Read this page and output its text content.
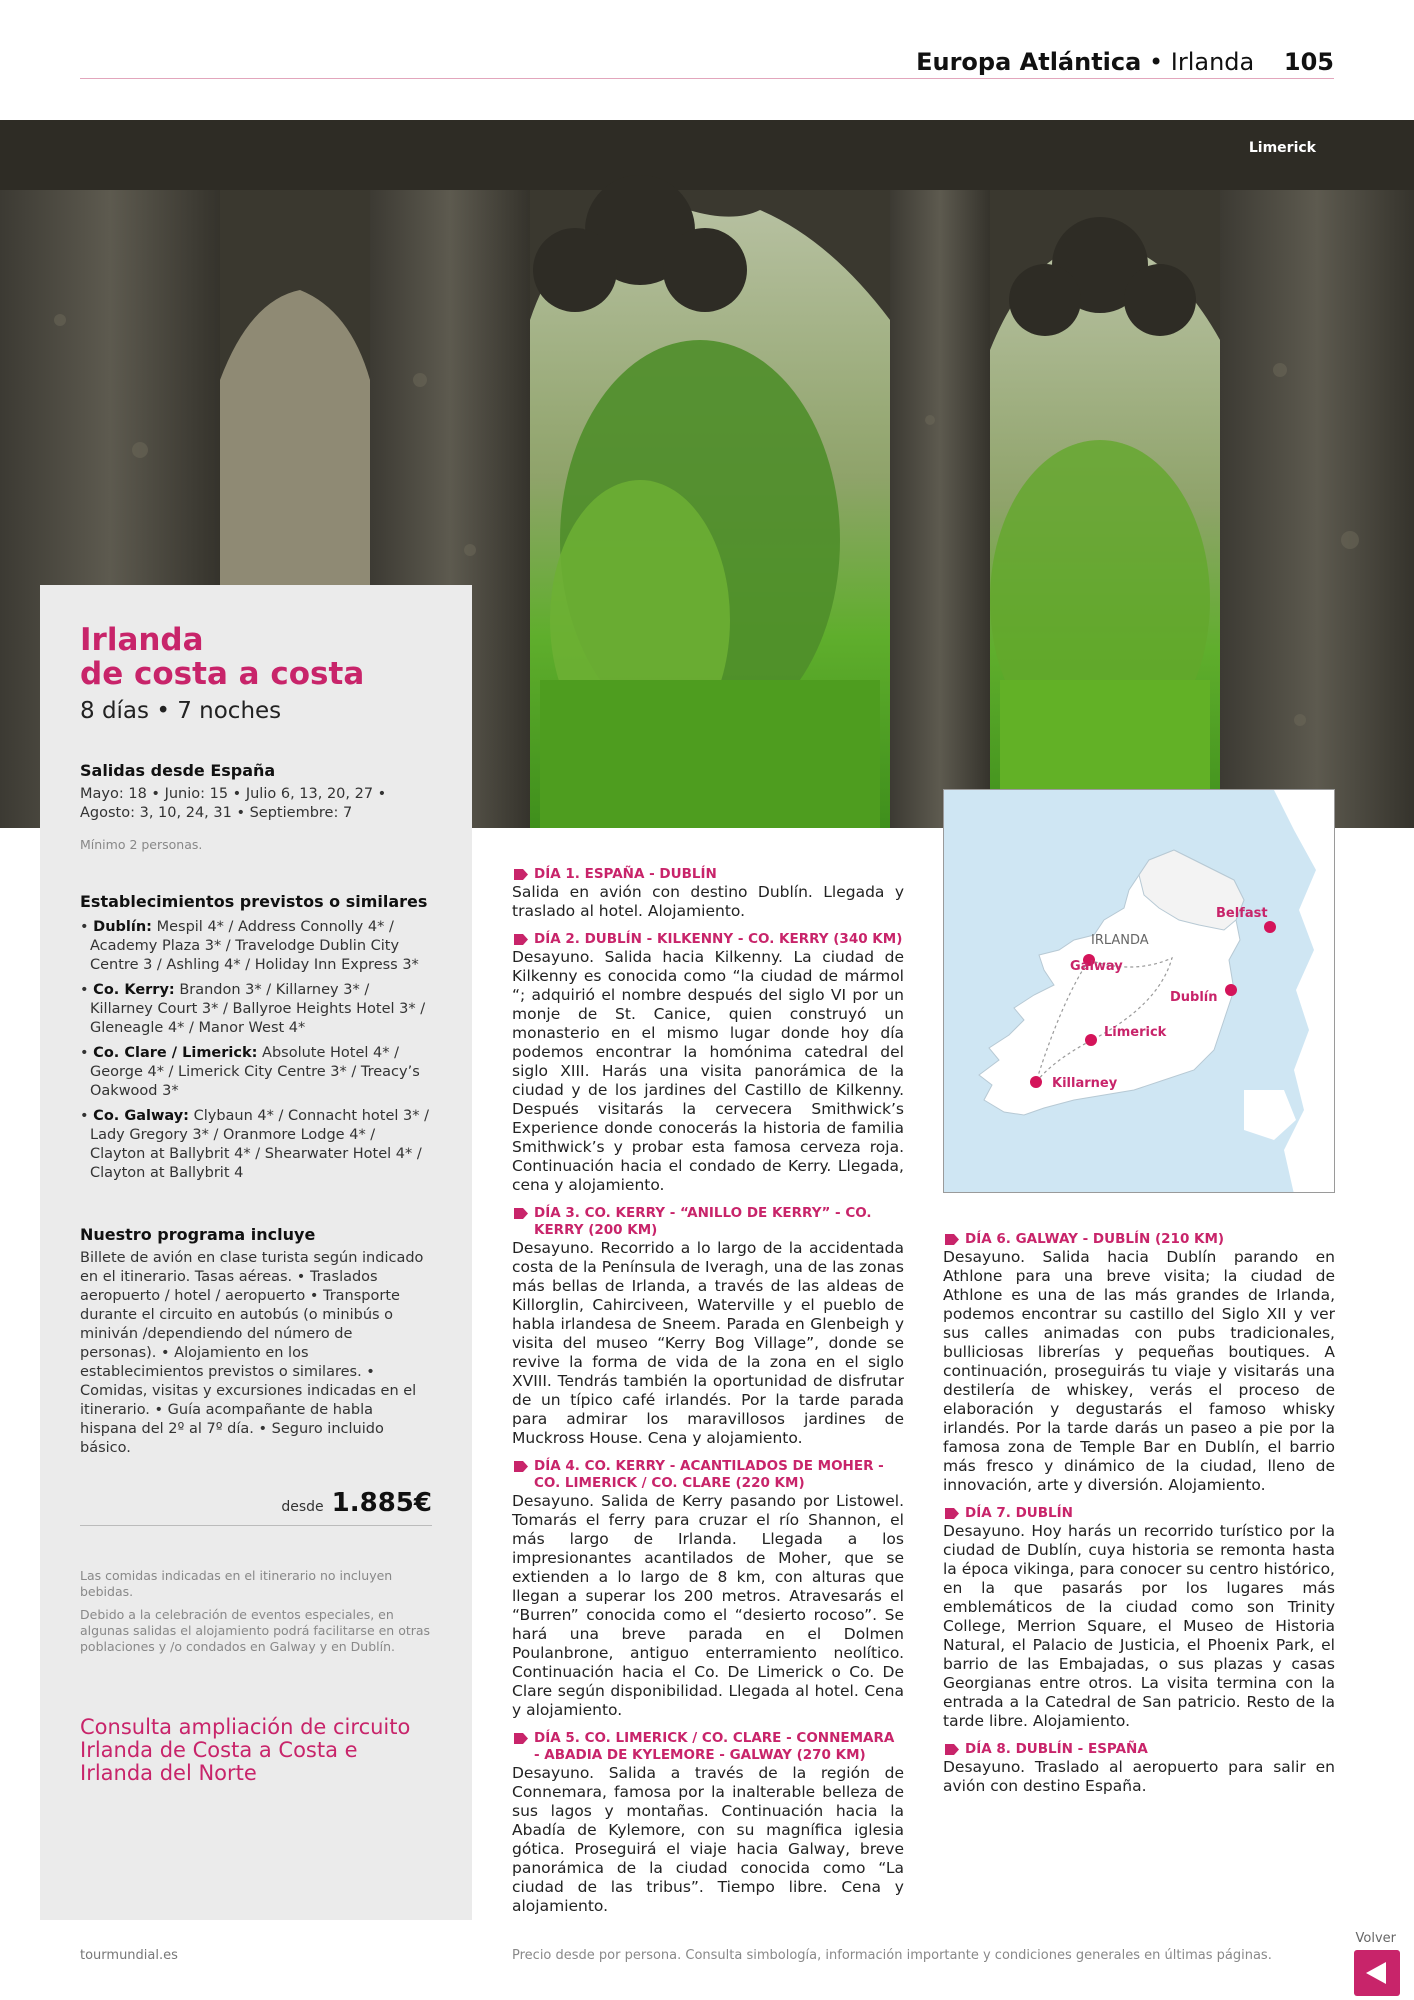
Europa Atlántica • Irlanda 105
Limerick
Irlanda
de costa a costa
8 días • 7 noches
Salidas desde España
Mayo: 18 • Junio: 15 • Julio 6, 13, 20, 27 • Agosto: 3, 10, 24, 31 • Septiembre: 7
Mínimo 2 personas.
Establecimientos previstos o similares
• Dublín: Mespil 4* / Address Connolly 4* / Academy Plaza 3* / Travelodge Dublin City Centre 3 / Ashling 4* / Holiday Inn Express 3*
• Co. Kerry: Brandon 3* / Killarney 3* / Killarney Court 3* / Ballyroe Heights Hotel 3* / Gleneagle 4* / Manor West 4*
• Co. Clare / Limerick: Absolute Hotel 4* / George 4* / Limerick City Centre 3* / Treacy’s Oakwood 3*
• Co. Galway: Clybaun 4* / Connacht hotel 3* / Lady Gregory 3* / Oranmore Lodge 4* / Clayton at Ballybrit 4* / Shearwater Hotel 4* / Clayton at Ballybrit 4
Nuestro programa incluye
Billete de avión en clase turista según indicado en el itinerario. Tasas aéreas. • Traslados aeropuerto / hotel / aeropuerto • Transporte durante el circuito en autobús (o minibús o miniván /dependiendo del número de personas). • Alojamiento en los establecimientos previstos o similares. • Comidas, visitas y excursiones indicadas en el itinerario. • Guía acompañante de habla hispana del 2º al 7º día. • Seguro incluido básico.
desde 1.885€
Las comidas indicadas en el itinerario no incluyen bebidas.
Debido a la celebración de eventos especiales, en algunas salidas el alojamiento podrá facilitarse en otras poblaciones y /o condados en Galway y en Dublín.
Consulta ampliación de circuito Irlanda de Costa a Costa e Irlanda del Norte
DÍA 1. ESPAÑA - DUBLÍN
Salida en avión con destino Dublín. Llegada y traslado al hotel. Alojamiento.
DÍA 2. DUBLÍN - KILKENNY - CO. KERRY (340 KM)
Desayuno. Salida hacia Kilkenny. La ciudad de Kilkenny es conocida como “la ciudad de mármol “; adquirió el nombre después del siglo VI por un monje de St. Canice, quien construyó un monasterio en el mismo lugar donde hoy día podemos encontrar la homónima catedral del siglo XIII. Harás una visita panorámica de la ciudad y de los jardines del Castillo de Kilkenny. Después visitarás la cervecera Smithwick’s Experience donde conocerás la historia de familia Smithwick’s y probar esta famosa cerveza roja. Continuación hacia el condado de Kerry. Llegada, cena y alojamiento.
DÍA 3. CO. KERRY - “ANILLO DE KERRY” - CO. KERRY (200 KM)
Desayuno. Recorrido a lo largo de la accidentada costa de la Península de Iveragh, una de las zonas más bellas de Irlanda, a través de las aldeas de Killorglin, Cahirciveen, Waterville y el pueblo de habla irlandesa de Sneem. Parada en Glenbeigh y visita del museo “Kerry Bog Village”, donde se revive la forma de vida de la zona en el siglo XVIII. Tendrás también la oportunidad de disfrutar de un típico café irlandés. Por la tarde parada para admirar los maravillosos jardines de Muckross House. Cena y alojamiento.
DÍA 4. CO. KERRY - ACANTILADOS DE MOHER - CO. LIMERICK / CO. CLARE (220 KM)
Desayuno. Salida de Kerry pasando por Listowel. Tomarás el ferry para cruzar el río Shannon, el más largo de Irlanda. Llegada a los impresionantes acantilados de Moher, que se extienden a lo largo de 8 km, con alturas que llegan a superar los 200 metros. Atravesarás el “Burren” conocida como el “desierto rocoso”. Se hará una breve parada en el Dolmen Poulanbrone, antiguo enterramiento neolítico. Continuación hacia el Co. De Limerick o Co. De Clare según disponibilidad. Llegada al hotel. Cena y alojamiento.
DÍA 5. CO. LIMERICK / CO. CLARE - CONNEMARA - ABADIA DE KYLEMORE - GALWAY (270 KM)
Desayuno. Salida a través de la región de Connemara, famosa por la inalterable belleza de sus lagos y montañas. Continuación hacia la Abadía de Kylemore, con su magnífica iglesia gótica. Proseguirá el viaje hacia Galway, breve panorámica de la ciudad conocida como “La ciudad de las tribus”. Tiempo libre. Cena y alojamiento.
IRLANDA
Belfast
Galway
Dublín
Limerick
Killarney
DÍA 6. GALWAY - DUBLÍN (210 KM)
Desayuno. Salida hacia Dublín parando en Athlone para una breve visita; la ciudad de Athlone es una de las más grandes de Irlanda, podemos encontrar su castillo del Siglo XII y ver sus calles animadas con pubs tradicionales, bulliciosas librerías y pequeñas boutiques. A continuación, proseguirás tu viaje y visitarás una destilería de whiskey, verás el proceso de elaboración y degustarás el famoso whisky irlandés. Por la tarde darás un paseo a pie por la famosa zona de Temple Bar en Dublín, el barrio más fresco y dinámico de la ciudad, lleno de innovación, arte y diversión. Alojamiento.
DÍA 7. DUBLÍN
Desayuno. Hoy harás un recorrido turístico por la ciudad de Dublín, cuya historia se remonta hasta la época vikinga, para conocer su centro histórico, en la que pasarás por los lugares más emblemáticos de la ciudad como son Trinity College, Merrion Square, el Museo de Historia Natural, el Palacio de Justicia, el Phoenix Park, el barrio de las Embajadas, o sus plazas y casas Georgianas entre otros. La visita termina con la entrada a la Catedral de San patricio. Resto de la tarde libre. Alojamiento.
DÍA 8. DUBLÍN - ESPAÑA
Desayuno. Traslado al aeropuerto para salir en avión con destino España.
tourmundial.es	Precio desde por persona. Consulta simbología, información importante y condiciones generales en últimas páginas.
Volver
